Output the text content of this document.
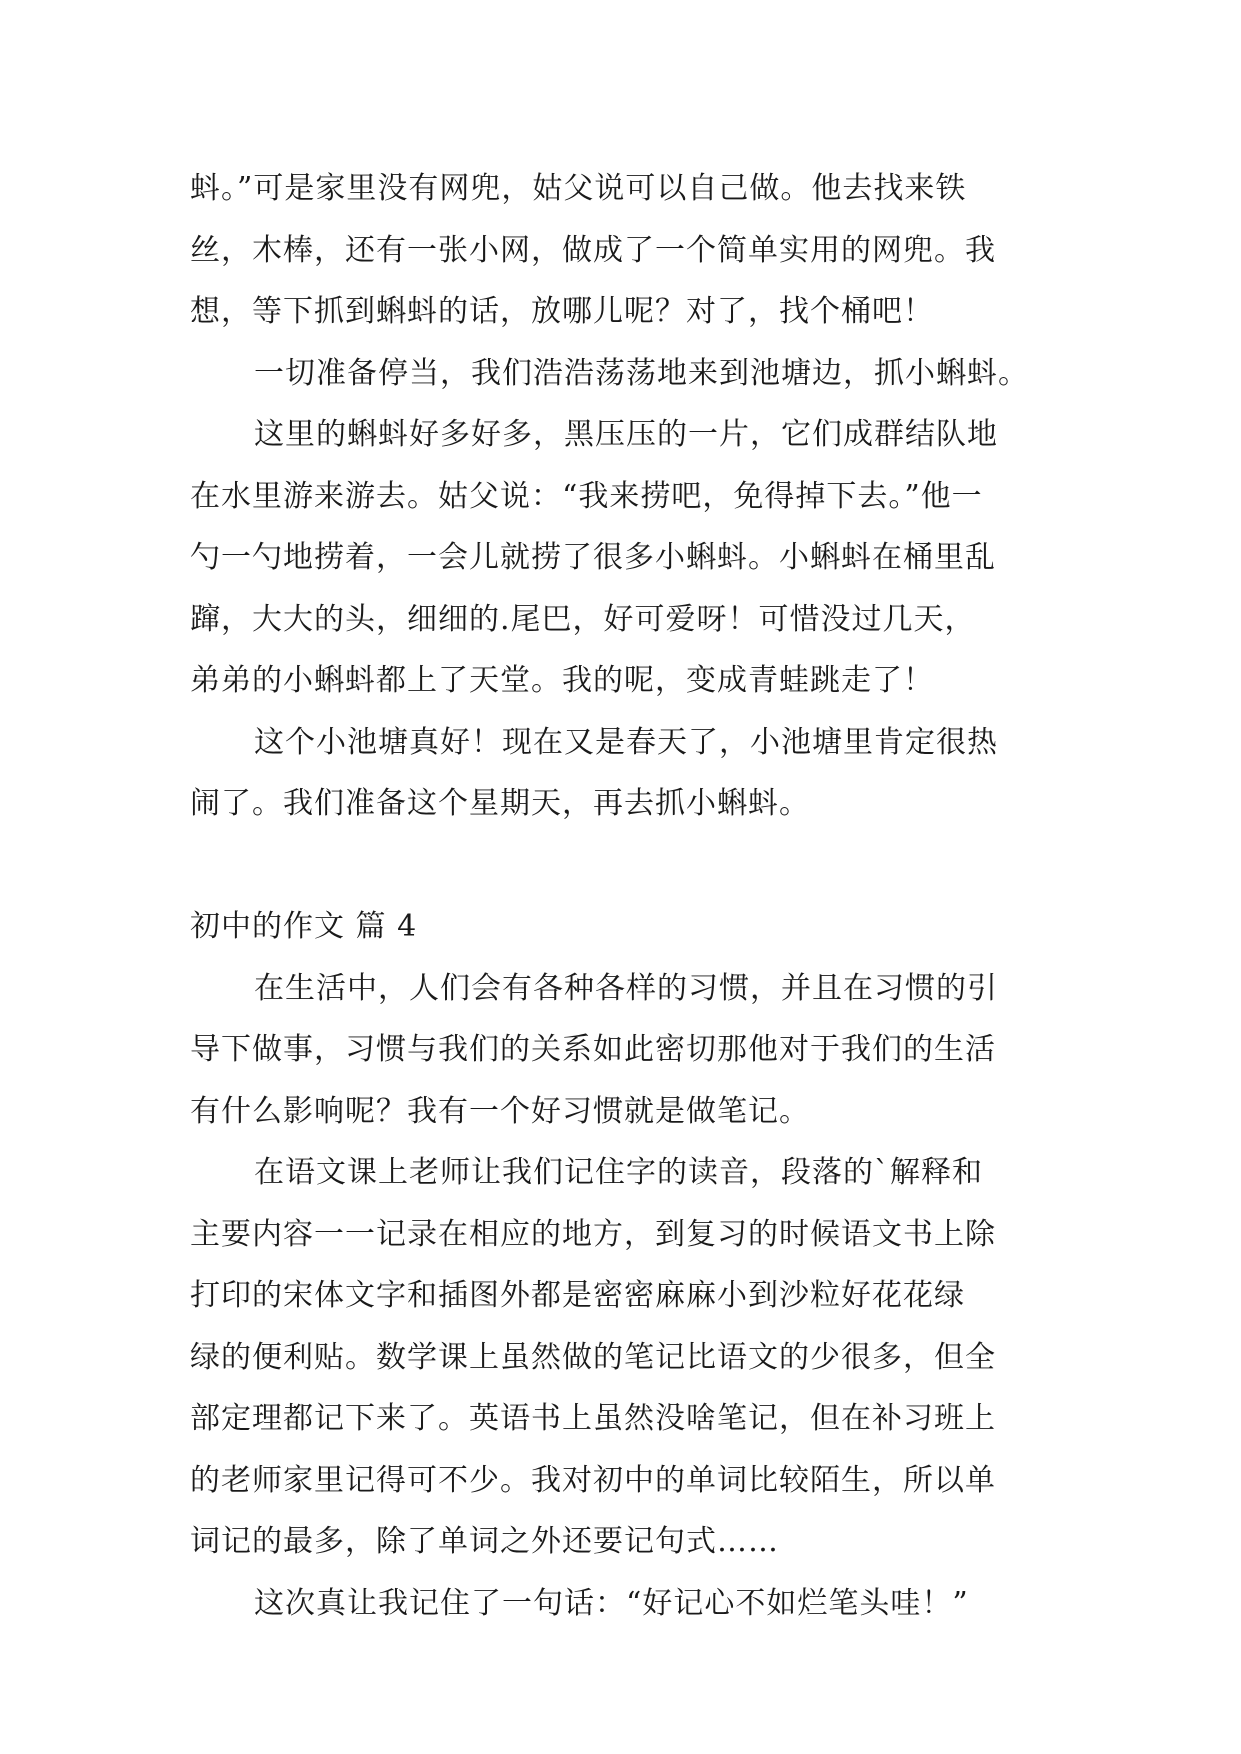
蚪。”可是家里没有网兜，姑父说可以自己做。他去找来铁
丝，木棒，还有一张小网，做成了一个简单实用的网兜。我
想，等下抓到蝌蚪的话，放哪儿呢？对了，找个桶吧！
一切准备停当，我们浩浩荡荡地来到池塘边，抓小蝌蚪。
这里的蝌蚪好多好多，黑压压的一片，它们成群结队地
在水里游来游去。姑父说：“我来捞吧，免得掉下去。”他一
勺一勺地捞着，一会儿就捞了很多小蝌蚪。小蝌蚪在桶里乱
蹿，大大的头，细细的.尾巴，好可爱呀！可惜没过几天，
弟弟的小蝌蚪都上了天堂。我的呢，变成青蛙跳走了！
这个小池塘真好！现在又是春天了，小池塘里肯定很热
闹了。我们准备这个星期天，再去抓小蝌蚪。
初中的作文 篇 4
在生活中，人们会有各种各样的习惯，并且在习惯的引
导下做事，习惯与我们的关系如此密切那他对于我们的生活
有什么影响呢？我有一个好习惯就是做笔记。
在语文课上老师让我们记住字的读音，段落的`解释和
主要内容一一记录在相应的地方，到复习的时候语文书上除
打印的宋体文字和插图外都是密密麻麻小到沙粒好花花绿
绿的便利贴。数学课上虽然做的笔记比语文的少很多，但全
部定理都记下来了。英语书上虽然没啥笔记，但在补习班上
的老师家里记得可不少。我对初中的单词比较陌生，所以单
词记的最多，除了单词之外还要记句式……
这次真让我记住了一句话：“好记心不如烂笔头哇！”
